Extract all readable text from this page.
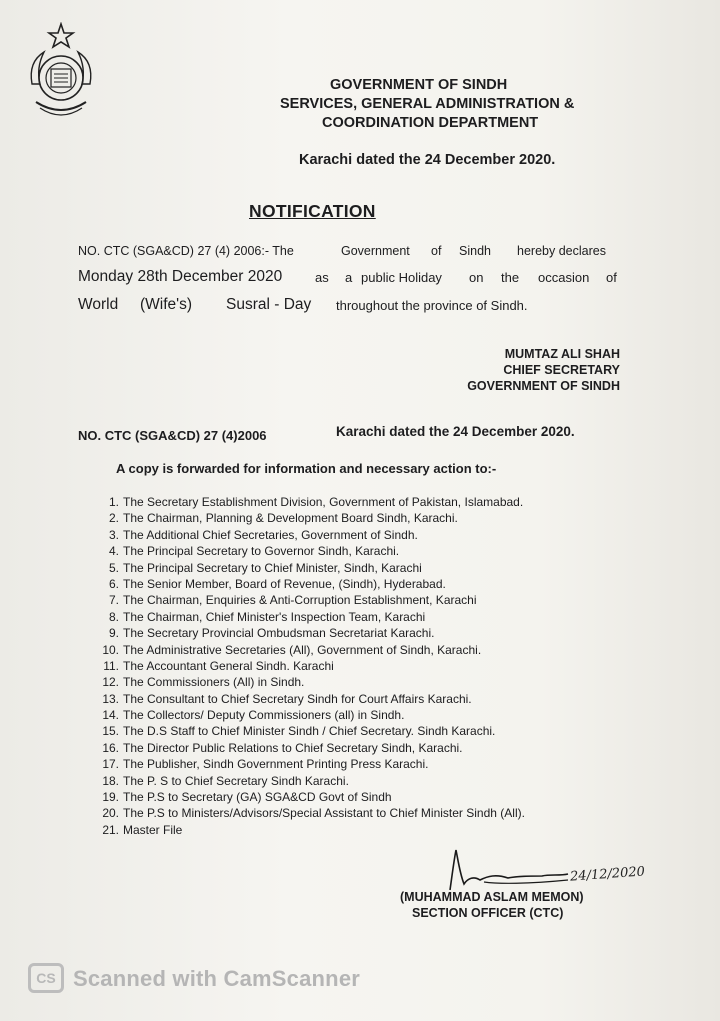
GOVERNMENT OF SINDH
SERVICES, GENERAL ADMINISTRATION &
COORDINATION DEPARTMENT
Karachi dated the 24 December 2020.
NOTIFICATION
NO. CTC (SGA&CD) 27 (4) 2006:- The	Government of Sindh hereby declares
Monday 28th December 2020	as a public Holiday on the occasion of
World (Wife's) Susral - Day throughout the province of Sindh.
MUMTAZ ALI SHAH
CHIEF SECRETARY
GOVERNMENT OF SINDH
NO. CTC (SGA&CD) 27 (4)2006	Karachi dated the 24 December 2020.
A copy is forwarded for information and necessary action to:-
1. The Secretary Establishment Division, Government of Pakistan, Islamabad.
2. The Chairman, Planning & Development Board Sindh, Karachi.
3. The Additional Chief Secretaries, Government of Sindh.
4. The Principal Secretary to Governor Sindh, Karachi.
5. The Principal Secretary to Chief Minister, Sindh, Karachi
6. The Senior Member, Board of Revenue, (Sindh), Hyderabad.
7. The Chairman, Enquiries & Anti-Corruption Establishment, Karachi
8. The Chairman, Chief Minister's Inspection Team, Karachi
9. The Secretary Provincial Ombudsman Secretariat Karachi.
10. The Administrative Secretaries (All), Government of Sindh, Karachi.
11. The Accountant General Sindh. Karachi
12. The Commissioners (All) in Sindh.
13. The Consultant to Chief Secretary Sindh for Court Affairs Karachi.
14. The Collectors/ Deputy Commissioners (all) in Sindh.
15. The D.S Staff to Chief Minister Sindh / Chief Secretary. Sindh Karachi.
16. The Director Public Relations to Chief Secretary Sindh, Karachi.
17. The Publisher, Sindh Government Printing Press Karachi.
18. The P. S to Chief Secretary Sindh Karachi.
19. The P.S to Secretary (GA) SGA&CD Govt of Sindh
20. The P.S to Ministers/Advisors/Special Assistant to Chief Minister Sindh (All).
21. Master File
24/12/2020
(MUHAMMAD ASLAM MEMON)
SECTION OFFICER (CTC)
CS Scanned with CamScanner
